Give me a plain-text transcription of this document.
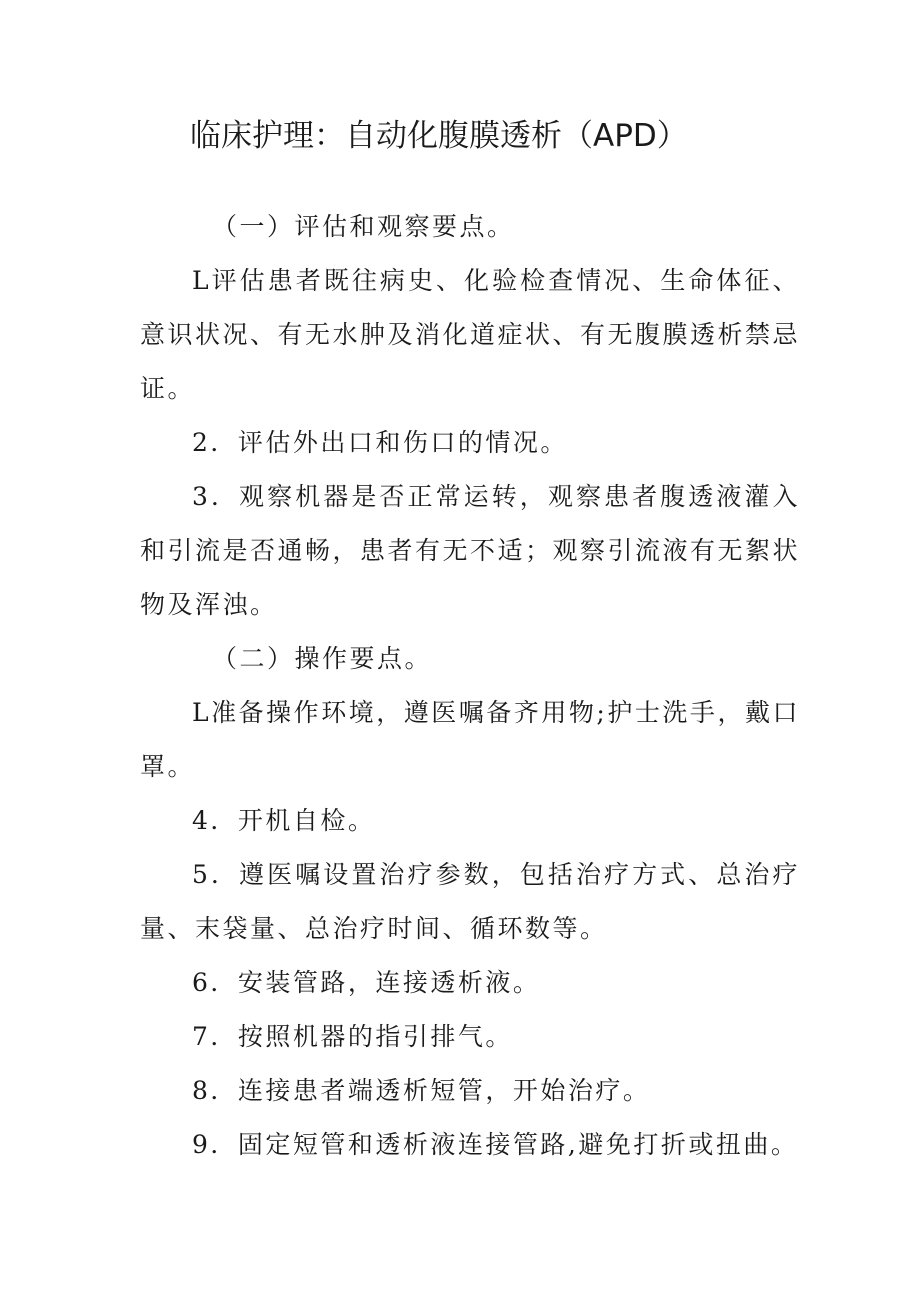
临床护理：自动化腹膜透析（APD）

（一）评估和观察要点。

L评估患者既往病史、化验检查情况、生命体征、意识状况、有无水肿及消化道症状、有无腹膜透析禁忌证。

2．评估外出口和伤口的情况。

3．观察机器是否正常运转，观察患者腹透液灌入和引流是否通畅，患者有无不适；观察引流液有无絮状物及浑浊。

（二）操作要点。

L准备操作环境，遵医嘱备齐用物;护士洗手，戴口罩。

4．开机自检。

5．遵医嘱设置治疗参数，包括治疗方式、总治疗量、末袋量、总治疗时间、循环数等。

6．安装管路，连接透析液。

7．按照机器的指引排气。

8．连接患者端透析短管，开始治疗。

9．固定短管和透析液连接管路,避免打折或扭曲。
